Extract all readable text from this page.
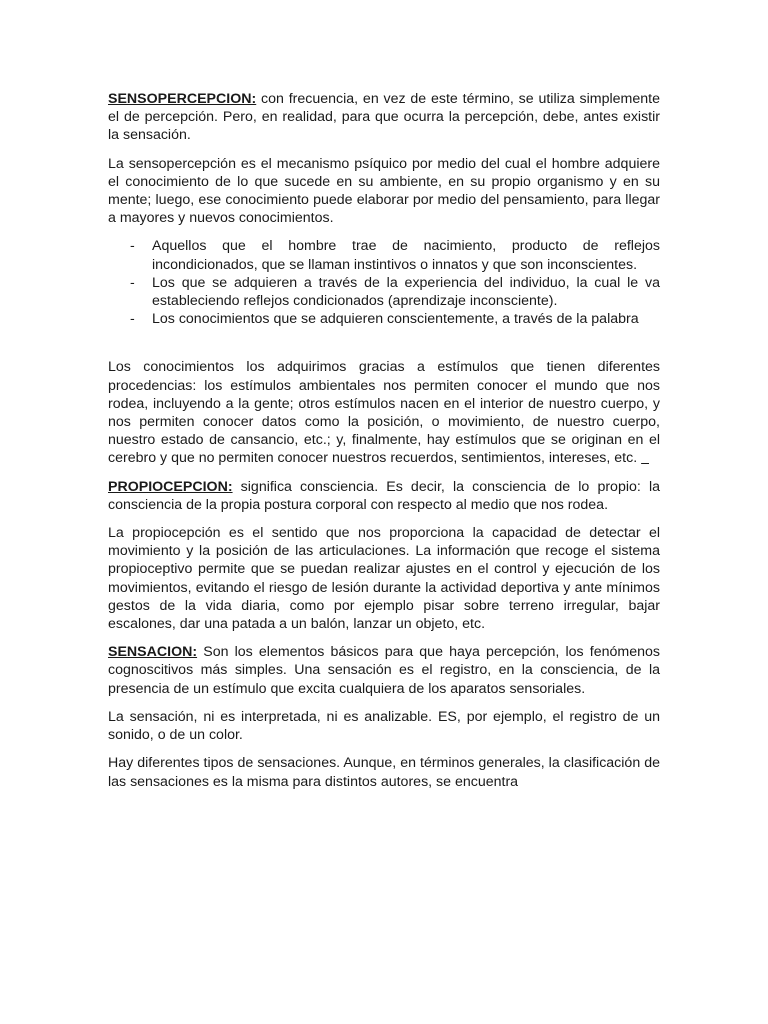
SENSOPERCEPCION: con frecuencia, en vez de este término, se utiliza simplemente el de percepción. Pero, en realidad, para que ocurra la percepción, debe, antes existir la sensación.

La sensopercepción es el mecanismo psíquico por medio del cual el hombre adquiere el conocimiento de lo que sucede en su ambiente, en su propio organismo y en su mente; luego, ese conocimiento puede elaborar por medio del pensamiento, para llegar a mayores y nuevos conocimientos.

- Aquellos que el hombre trae de nacimiento, producto de reflejos incondicionados, que se llaman instintivos o innatos y que son inconscientes.
- Los que se adquieren a través de la experiencia del individuo, la cual le va estableciendo reflejos condicionados (aprendizaje inconsciente).
- Los conocimientos que se adquieren conscientemente, a través de la palabra

Los conocimientos los adquirimos gracias a estímulos que tienen diferentes procedencias: los estímulos ambientales nos permiten conocer el mundo que nos rodea, incluyendo a la gente; otros estímulos nacen en el interior de nuestro cuerpo, y nos permiten conocer datos como la posición, o movimiento, de nuestro cuerpo, nuestro estado de cansancio, etc.; y, finalmente, hay estímulos que se originan en el cerebro y que no permiten conocer nuestros recuerdos, sentimientos, intereses, etc.

PROPIOCEPCION: significa consciencia. Es decir, la consciencia de lo propio: la consciencia de la propia postura corporal con respecto al medio que nos rodea.

La propiocepción es el sentido que nos proporciona la capacidad de detectar el movimiento y la posición de las articulaciones. La información que recoge el sistema propioceptivo permite que se puedan realizar ajustes en el control y ejecución de los movimientos, evitando el riesgo de lesión durante la actividad deportiva y ante mínimos gestos de la vida diaria, como por ejemplo pisar sobre terreno irregular, bajar escalones, dar una patada a un balón, lanzar un objeto, etc.

SENSACION: Son los elementos básicos para que haya percepción, los fenómenos cognoscitivos más simples. Una sensación es el registro, en la consciencia, de la presencia de un estímulo que excita cualquiera de los aparatos sensoriales.

La sensación, ni es interpretada, ni es analizable. ES, por ejemplo, el registro de un sonido, o de un color.

Hay diferentes tipos de sensaciones. Aunque, en términos generales, la clasificación de las sensaciones es la misma para distintos autores, se encuentra
